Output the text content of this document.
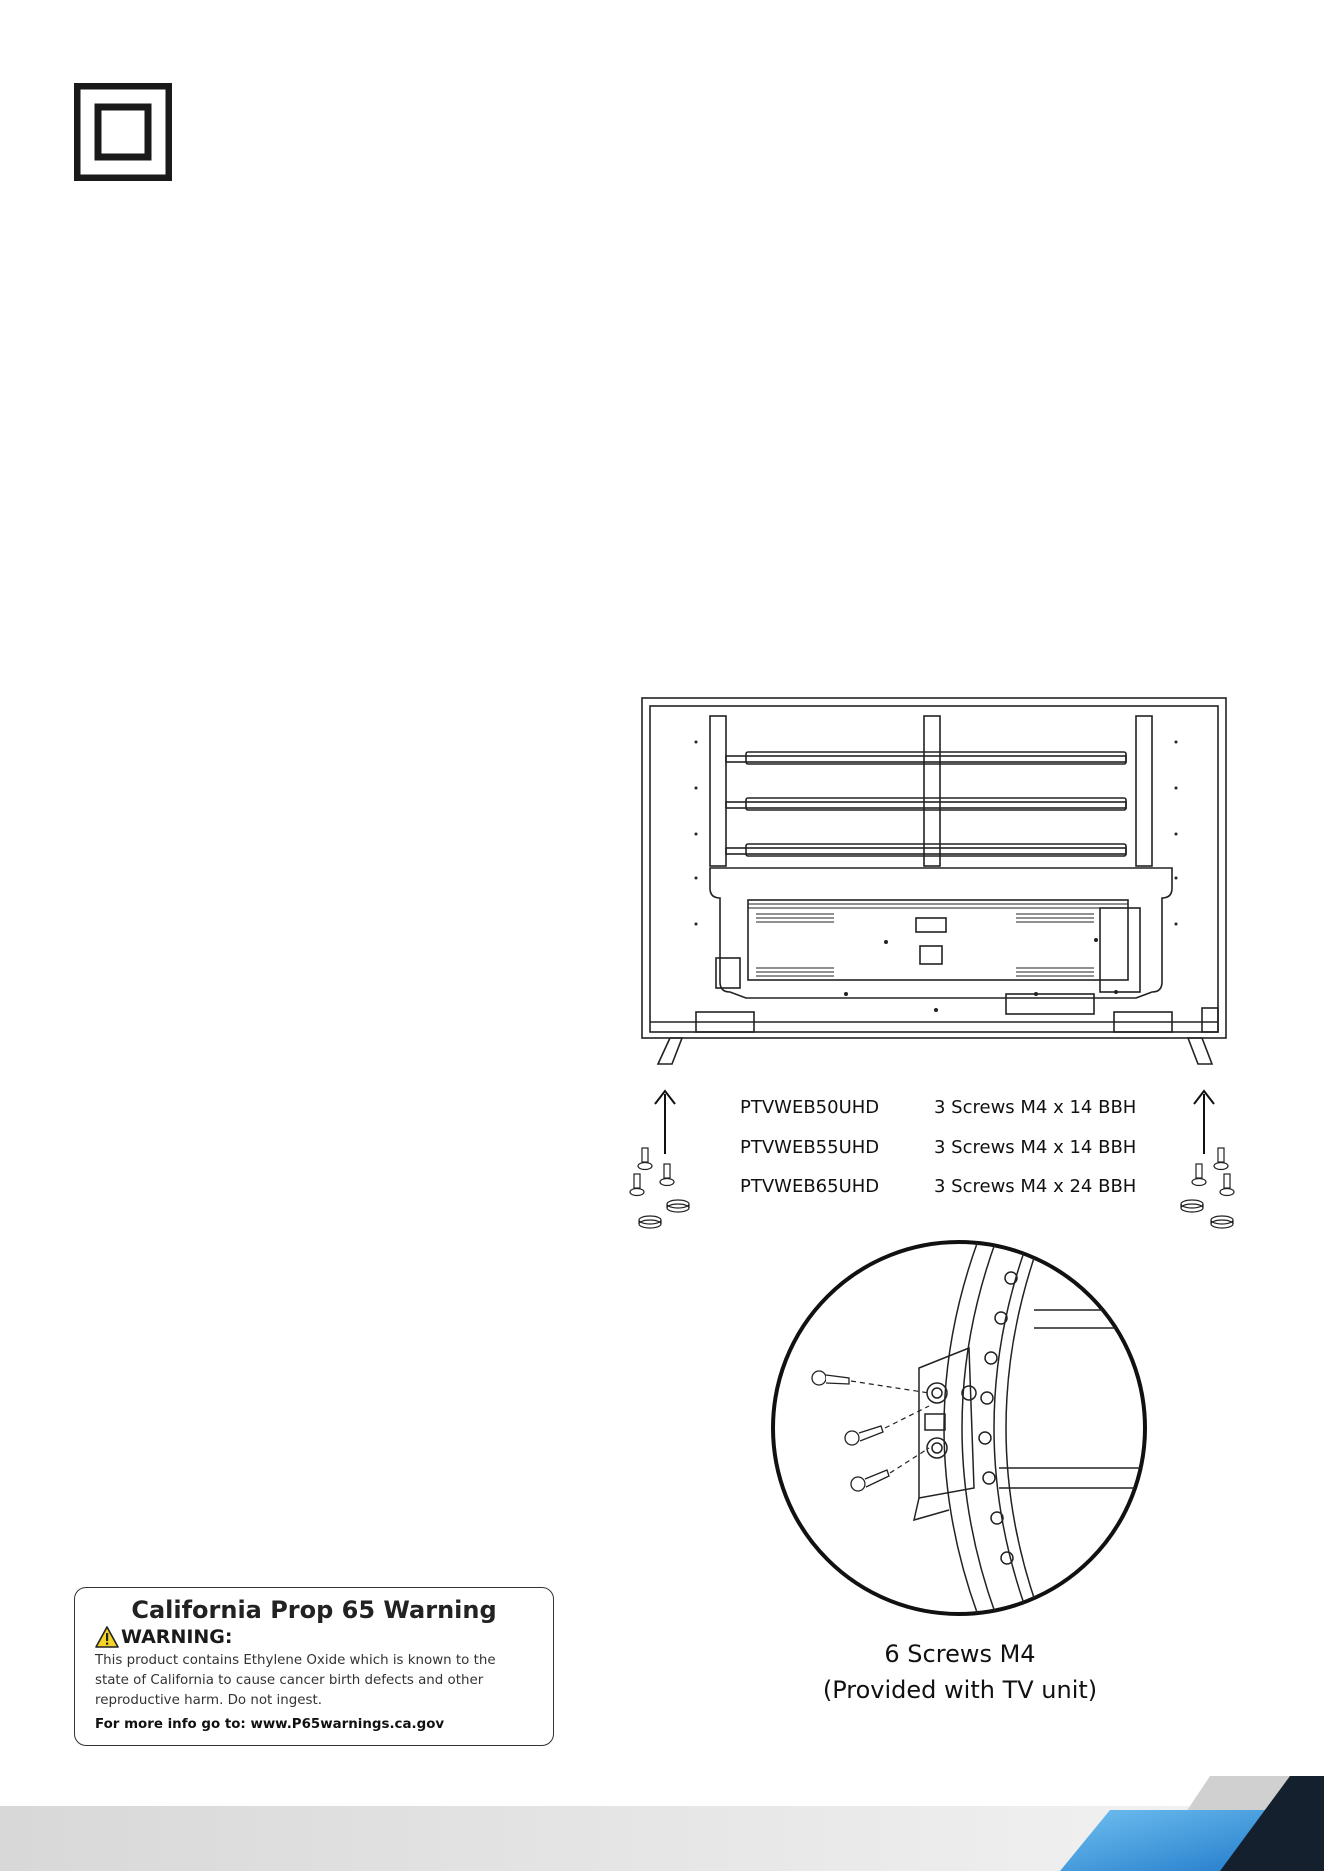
PTVWEB50UHD	3 Screws M4 x 14 BBH
PTVWEB55UHD	3 Screws M4 x 14 BBH
PTVWEB65UHD	3 Screws M4 x 24 BBH
6 Screws M4
(Provided with TV unit)
California Prop 65 Warning
WARNING:
This product contains Ethylene Oxide which is known to the state of California to cause cancer birth defects and other reproductive harm. Do not ingest.
For more info go to: www.P65warnings.ca.gov
